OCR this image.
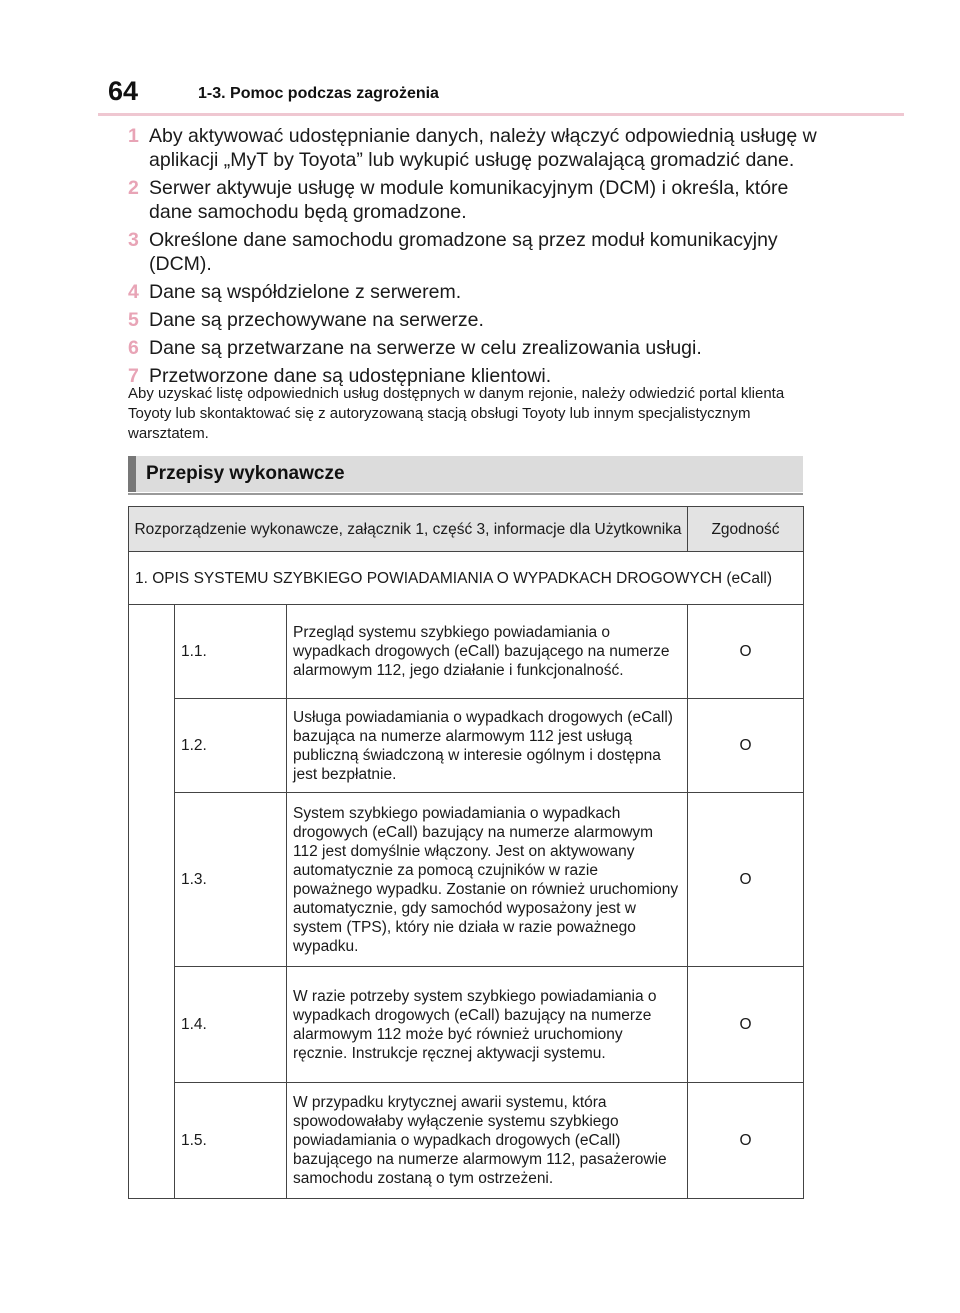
64	1-3. Pomoc podczas zagrożenia
1 Aby aktywować udostępnianie danych, należy włączyć odpowiednią usługę w aplikacji „MyT by Toyota” lub wykupić usługę pozwalającą gromadzić dane.
2 Serwer aktywuje usługę w module komunikacyjnym (DCM) i określa, które dane samochodu będą gromadzone.
3 Określone dane samochodu gromadzone są przez moduł komunikacyjny (DCM).
4 Dane są współdzielone z serwerem.
5 Dane są przechowywane na serwerze.
6 Dane są przetwarzane na serwerze w celu zrealizowania usługi.
7 Przetworzone dane są udostępniane klientowi.
Aby uzyskać listę odpowiednich usług dostępnych w danym rejonie, należy odwiedzić portal klienta Toyoty lub skontaktować się z autoryzowaną stacją obsługi Toyoty lub innym specjalistycznym warsztatem.
Przepisy wykonawcze
Rozporządzenie wykonawcze, załącznik 1, część 3, informacje dla Użytkownika			Zgodność
1. OPIS SYSTEMU SZYBKIEGO POWIADAMIANIA O WYPADKACH DROGOWYCH (eCall)			
	1.1.	Przegląd systemu szybkiego powiadamiania o wypadkach drogowych (eCall) bazującego na numerze alarmowym 112, jego działanie i funkcjonalność.	O
	1.2.	Usługa powiadamiania o wypadkach drogowych (eCall) bazująca na numerze alarmowym 112 jest usługą publiczną świadczoną w interesie ogólnym i dostępna jest bezpłatnie.	O
	1.3.	System szybkiego powiadamiania o wypadkach drogowych (eCall) bazujący na numerze alarmowym 112 jest domyślnie włączony. Jest on aktywowany automatycznie za pomocą czujników w razie poważnego wypadku. Zostanie on również uruchomiony automatycznie, gdy samochód wyposażony jest w system (TPS), który nie działa w razie poważnego wypadku.	O
	1.4.	W razie potrzeby system szybkiego powiadamiania o wypadkach drogowych (eCall) bazujący na numerze alarmowym 112 może być również uruchomiony ręcznie. Instrukcje ręcznej aktywacji systemu.	O
	1.5.	W przypadku krytycznej awarii systemu, która spowodowałaby wyłączenie systemu szybkiego powiadamiania o wypadkach drogowych (eCall) bazującego na numerze alarmowym 112, pasażerowie samochodu zostaną o tym ostrzeżeni.	O
